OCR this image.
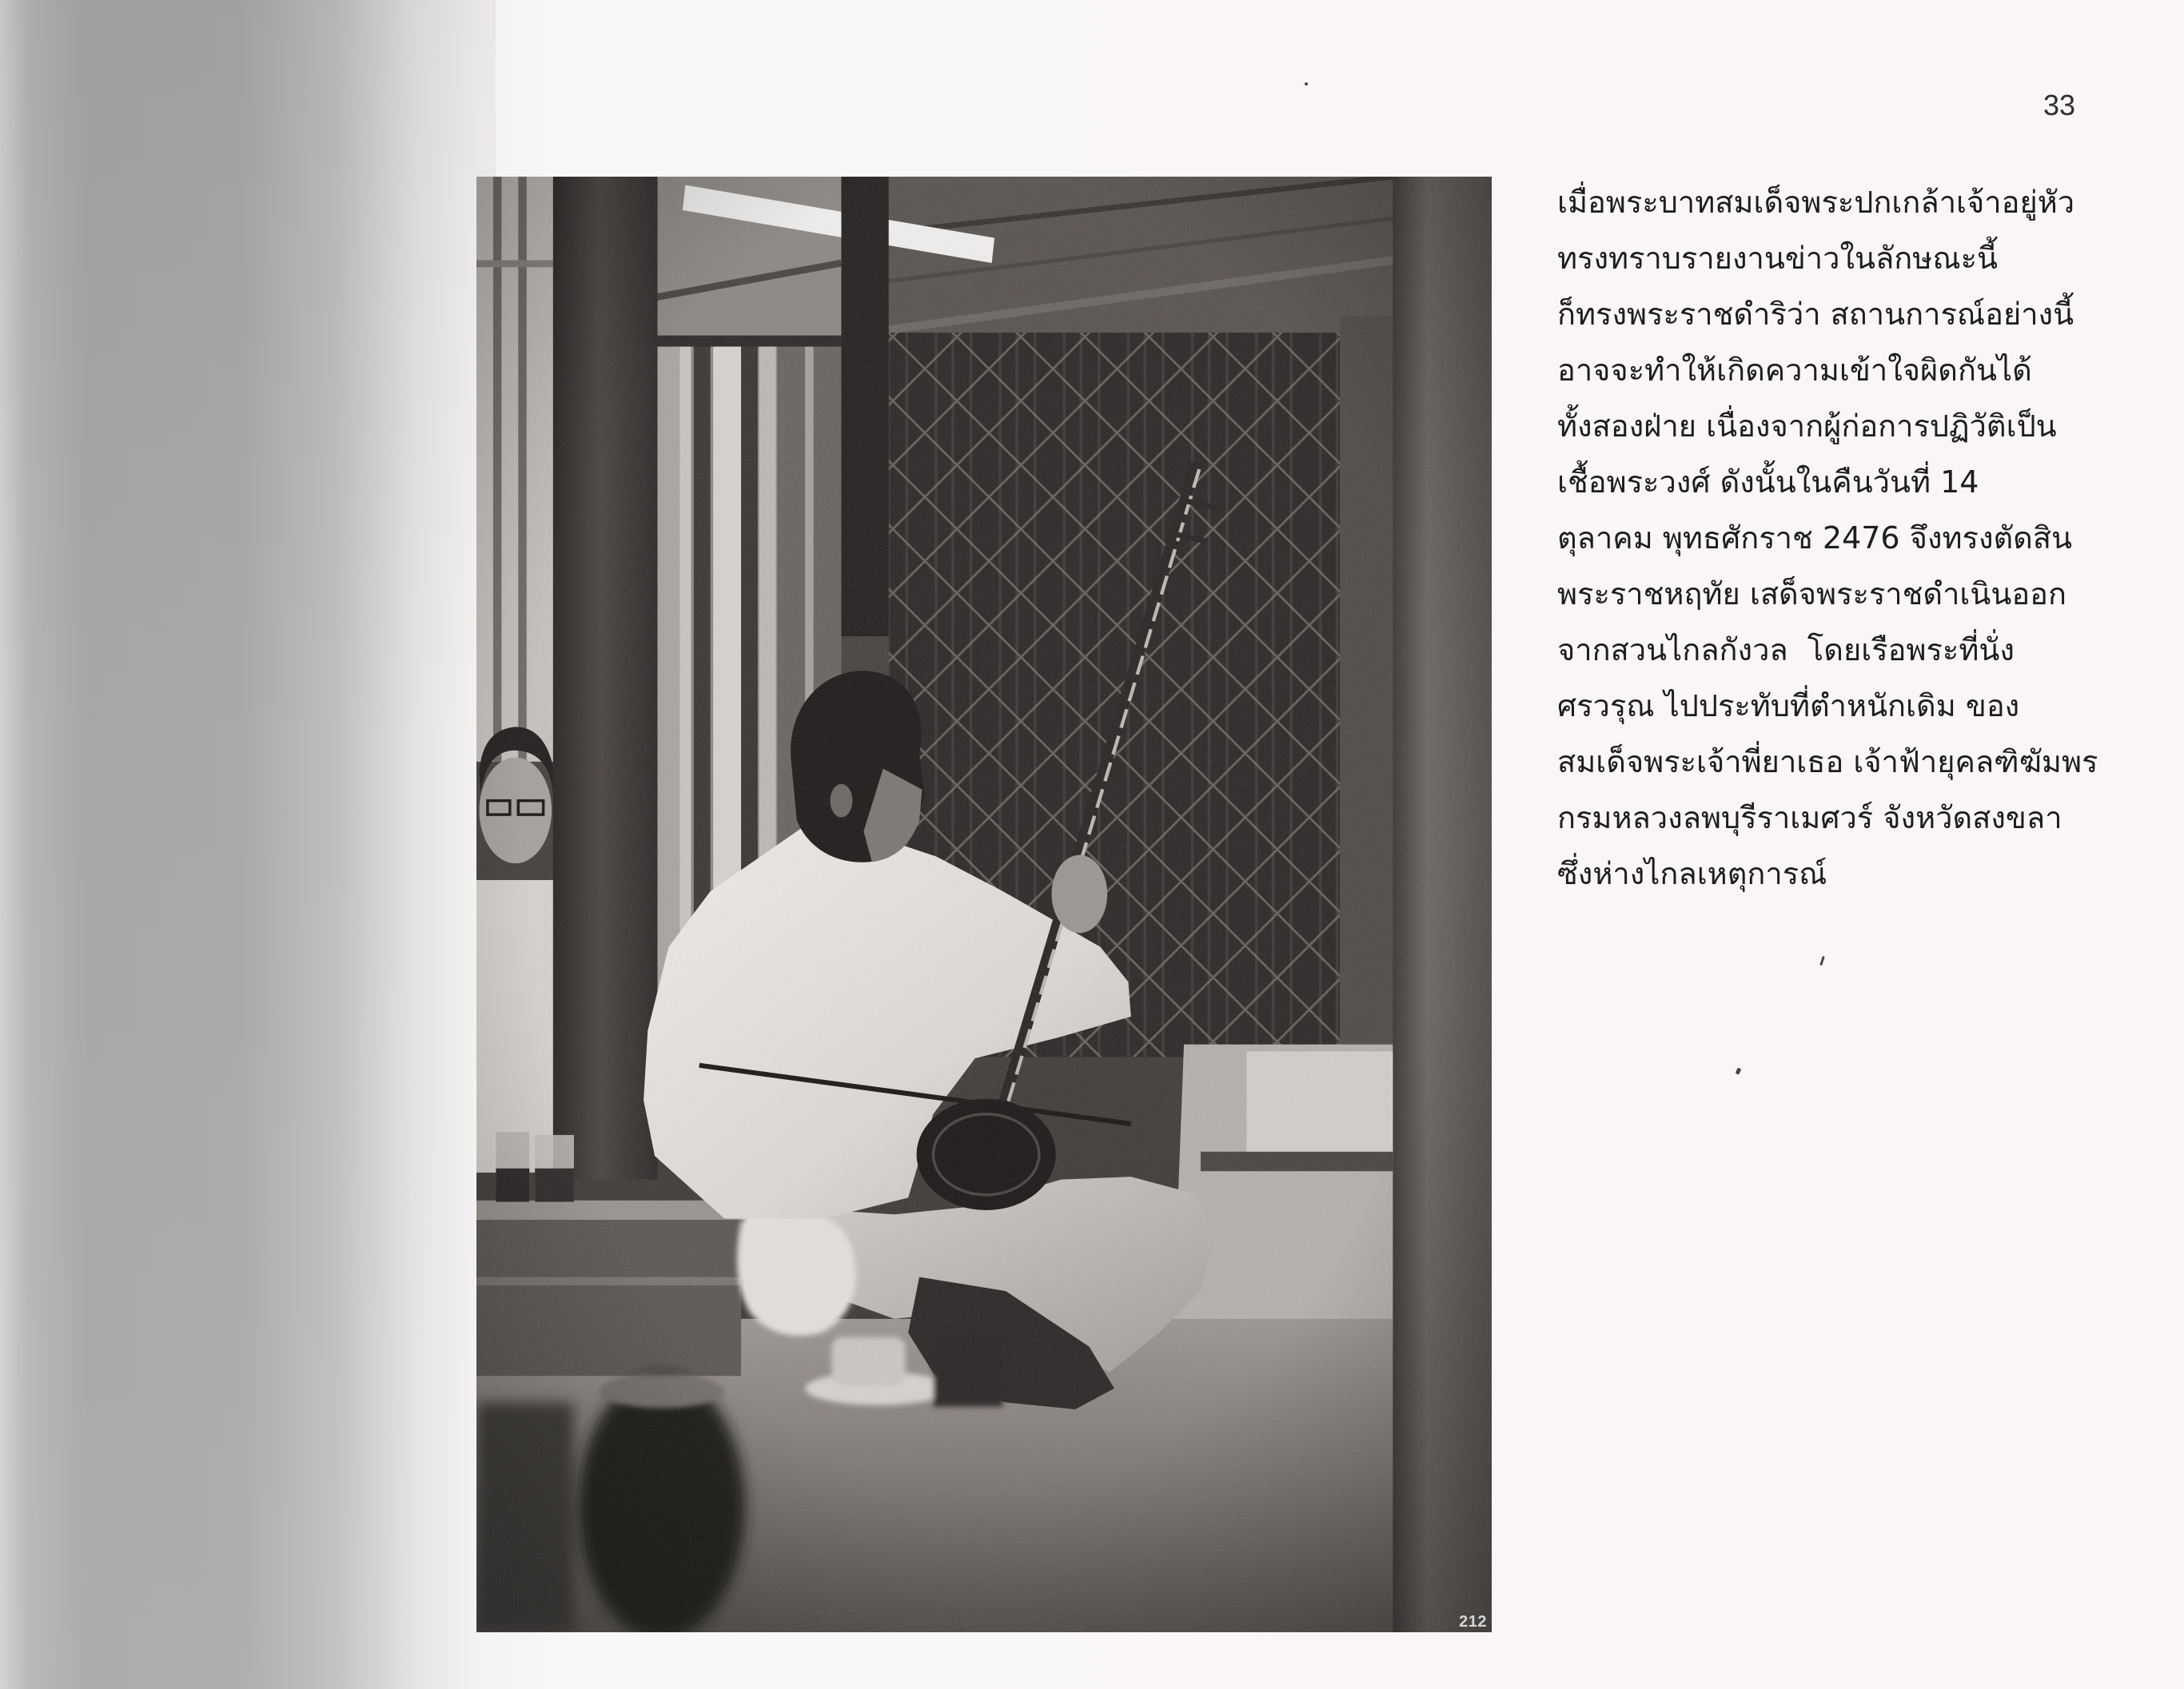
33
212
เมื่อพระบาทสมเด็จพระปกเกล้าเจ้าอยู่หัว
ทรงทราบรายงานข่าวในลักษณะนี้
ก็ทรงพระราชดำริว่า สถานการณ์อย่างนี้
อาจจะทำให้เกิดความเข้าใจผิดกันได้
ทั้งสองฝ่าย เนื่องจากผู้ก่อการปฏิวัติเป็น
เชื้อพระวงศ์ ดังนั้นในคืนวันที่ 14
ตุลาคม พุทธศักราช 2476 จึงทรงตัดสิน
พระราชหฤทัย เสด็จพระราชดำเนินออก
จากสวนไกลกังวล  โดยเรือพระที่นั่ง
ศรวรุณ ไปประทับที่ตำหนักเดิม ของ
สมเด็จพระเจ้าพี่ยาเธอ เจ้าฟ้ายุคลฑิฆัมพร
กรมหลวงลพบุรีราเมศวร์ จังหวัดสงขลา
ซึ่งห่างไกลเหตุการณ์
